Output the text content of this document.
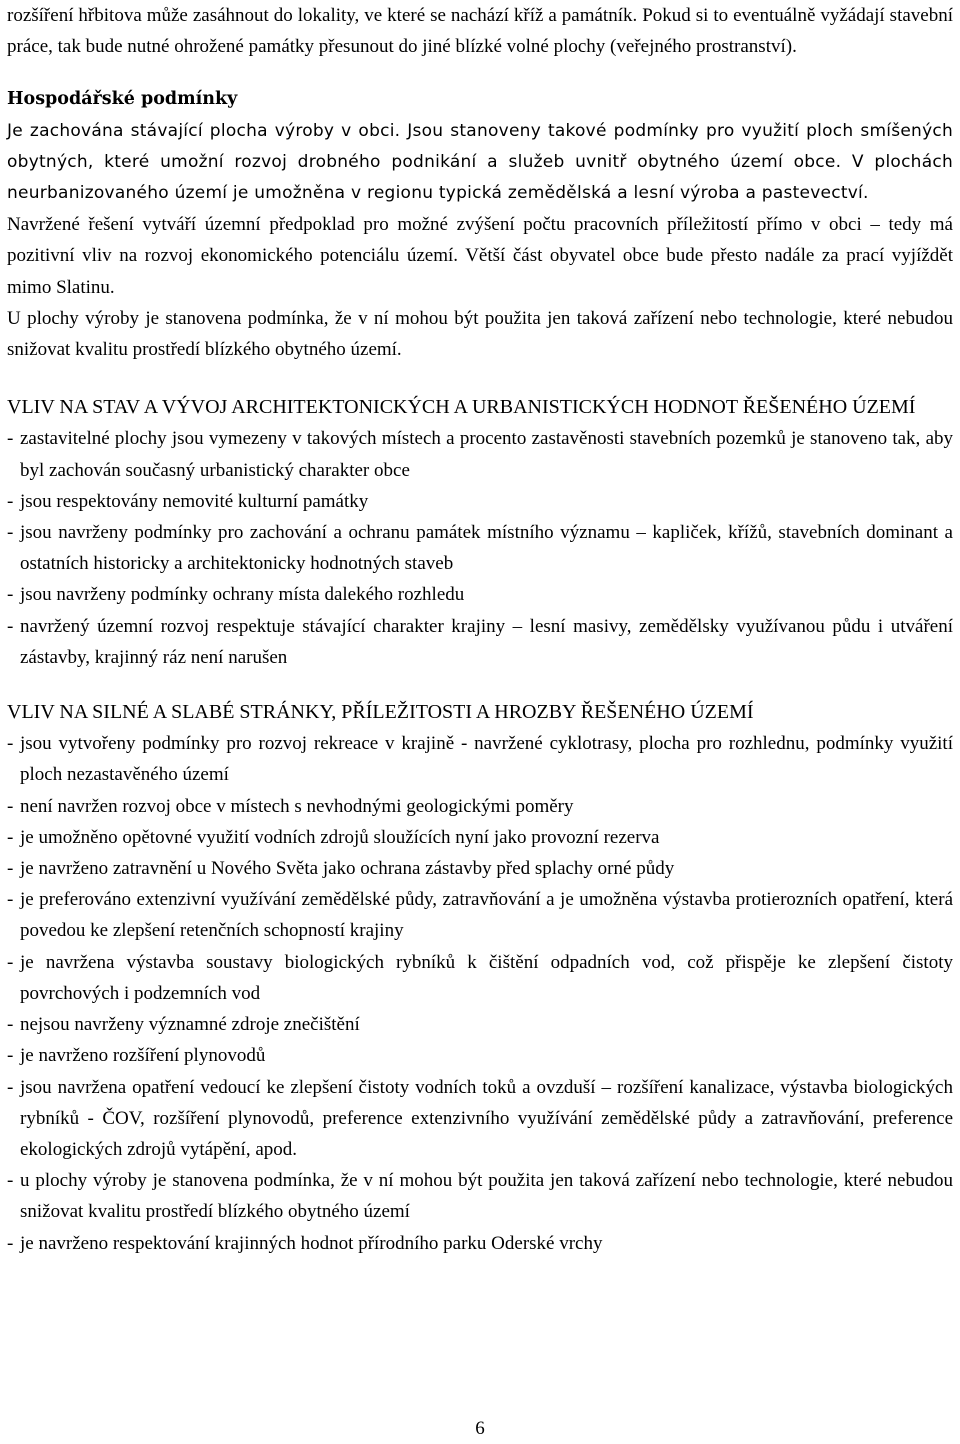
rozšíření hřbitova může zasáhnout do lokality, ve které se nachází kříž a památník. Pokud si to eventuálně vyžádají stavební práce, tak bude nutné ohrožené památky přesunout do jiné blízké volné plochy (veřejného prostranství).

Hospodářské podmínky

Je zachována stávající plocha výroby v obci. Jsou stanoveny takové podmínky pro využití ploch smíšených obytných, které umožní rozvoj drobného podnikání a služeb uvnitř obytného území obce. V plochách neurbanizovaného území je umožněna v regionu typická zemědělská a lesní výroba a pastevectví.

Navržené řešení vytváří územní předpoklad pro možné zvýšení počtu pracovních příležitostí přímo v obci – tedy má pozitivní vliv na rozvoj ekonomického potenciálu území. Větší část obyvatel obce bude přesto nadále za prací vyjíždět mimo Slatinu.

U plochy výroby je stanovena podmínka, že v ní mohou být použita jen taková zařízení nebo technologie, které nebudou snižovat kvalitu prostředí blízkého obytného území.

VLIV NA STAV A VÝVOJ ARCHITEKTONICKÝCH A URBANISTICKÝCH HODNOT ŘEŠENÉHO ÚZEMÍ
- zastavitelné plochy jsou vymezeny v takových místech a procento zastavěnosti stavebních pozemků je stanoveno tak, aby byl zachován současný urbanistický charakter obce
- jsou respektovány nemovité kulturní památky
- jsou navrženy podmínky pro zachování a ochranu památek místního významu – kapliček, křížů, stavebních dominant a ostatních historicky a architektonicky hodnotných staveb
- jsou navrženy podmínky ochrany místa dalekého rozhledu
- navržený územní rozvoj respektuje stávající charakter krajiny – lesní masivy, zemědělsky využívanou půdu i utváření zástavby, krajinný ráz není narušen
VLIV NA SILNÉ A SLABÉ STRÁNKY, PŘÍLEŽITOSTI A HROZBY ŘEŠENÉHO ÚZEMÍ
- jsou vytvořeny podmínky pro rozvoj rekreace v krajině - navržené cyklotrasy, plocha pro rozhlednu, podmínky využití ploch nezastavěného území
- není navržen rozvoj obce v místech s nevhodnými geologickými poměry
- je umožněno opětovné využití vodních zdrojů sloužících nyní jako provozní rezerva
- je navrženo zatravnění u Nového Světa jako ochrana zástavby před splachy orné půdy
- je preferováno extenzivní využívání zemědělské půdy, zatravňování a je umožněna výstavba protierozních opatření, která povedou ke zlepšení retenčních schopností krajiny
- je navržena výstavba soustavy biologických rybníků k čištění odpadních vod, což přispěje ke zlepšení čistoty povrchových i podzemních vod
- nejsou navrženy významné zdroje znečištění
- je navrženo rozšíření plynovodů
- jsou navržena opatření vedoucí ke zlepšení čistoty vodních toků a ovzduší – rozšíření kanalizace, výstavba biologických rybníků - ČOV, rozšíření plynovodů, preference extenzivního využívání zemědělské půdy a zatravňování, preference ekologických zdrojů vytápění, apod.
- u plochy výroby je stanovena podmínka, že v ní mohou být použita jen taková zařízení nebo technologie, které nebudou snižovat kvalitu prostředí blízkého obytného území
- je navrženo respektování krajinných hodnot přírodního parku Oderské vrchy
6
